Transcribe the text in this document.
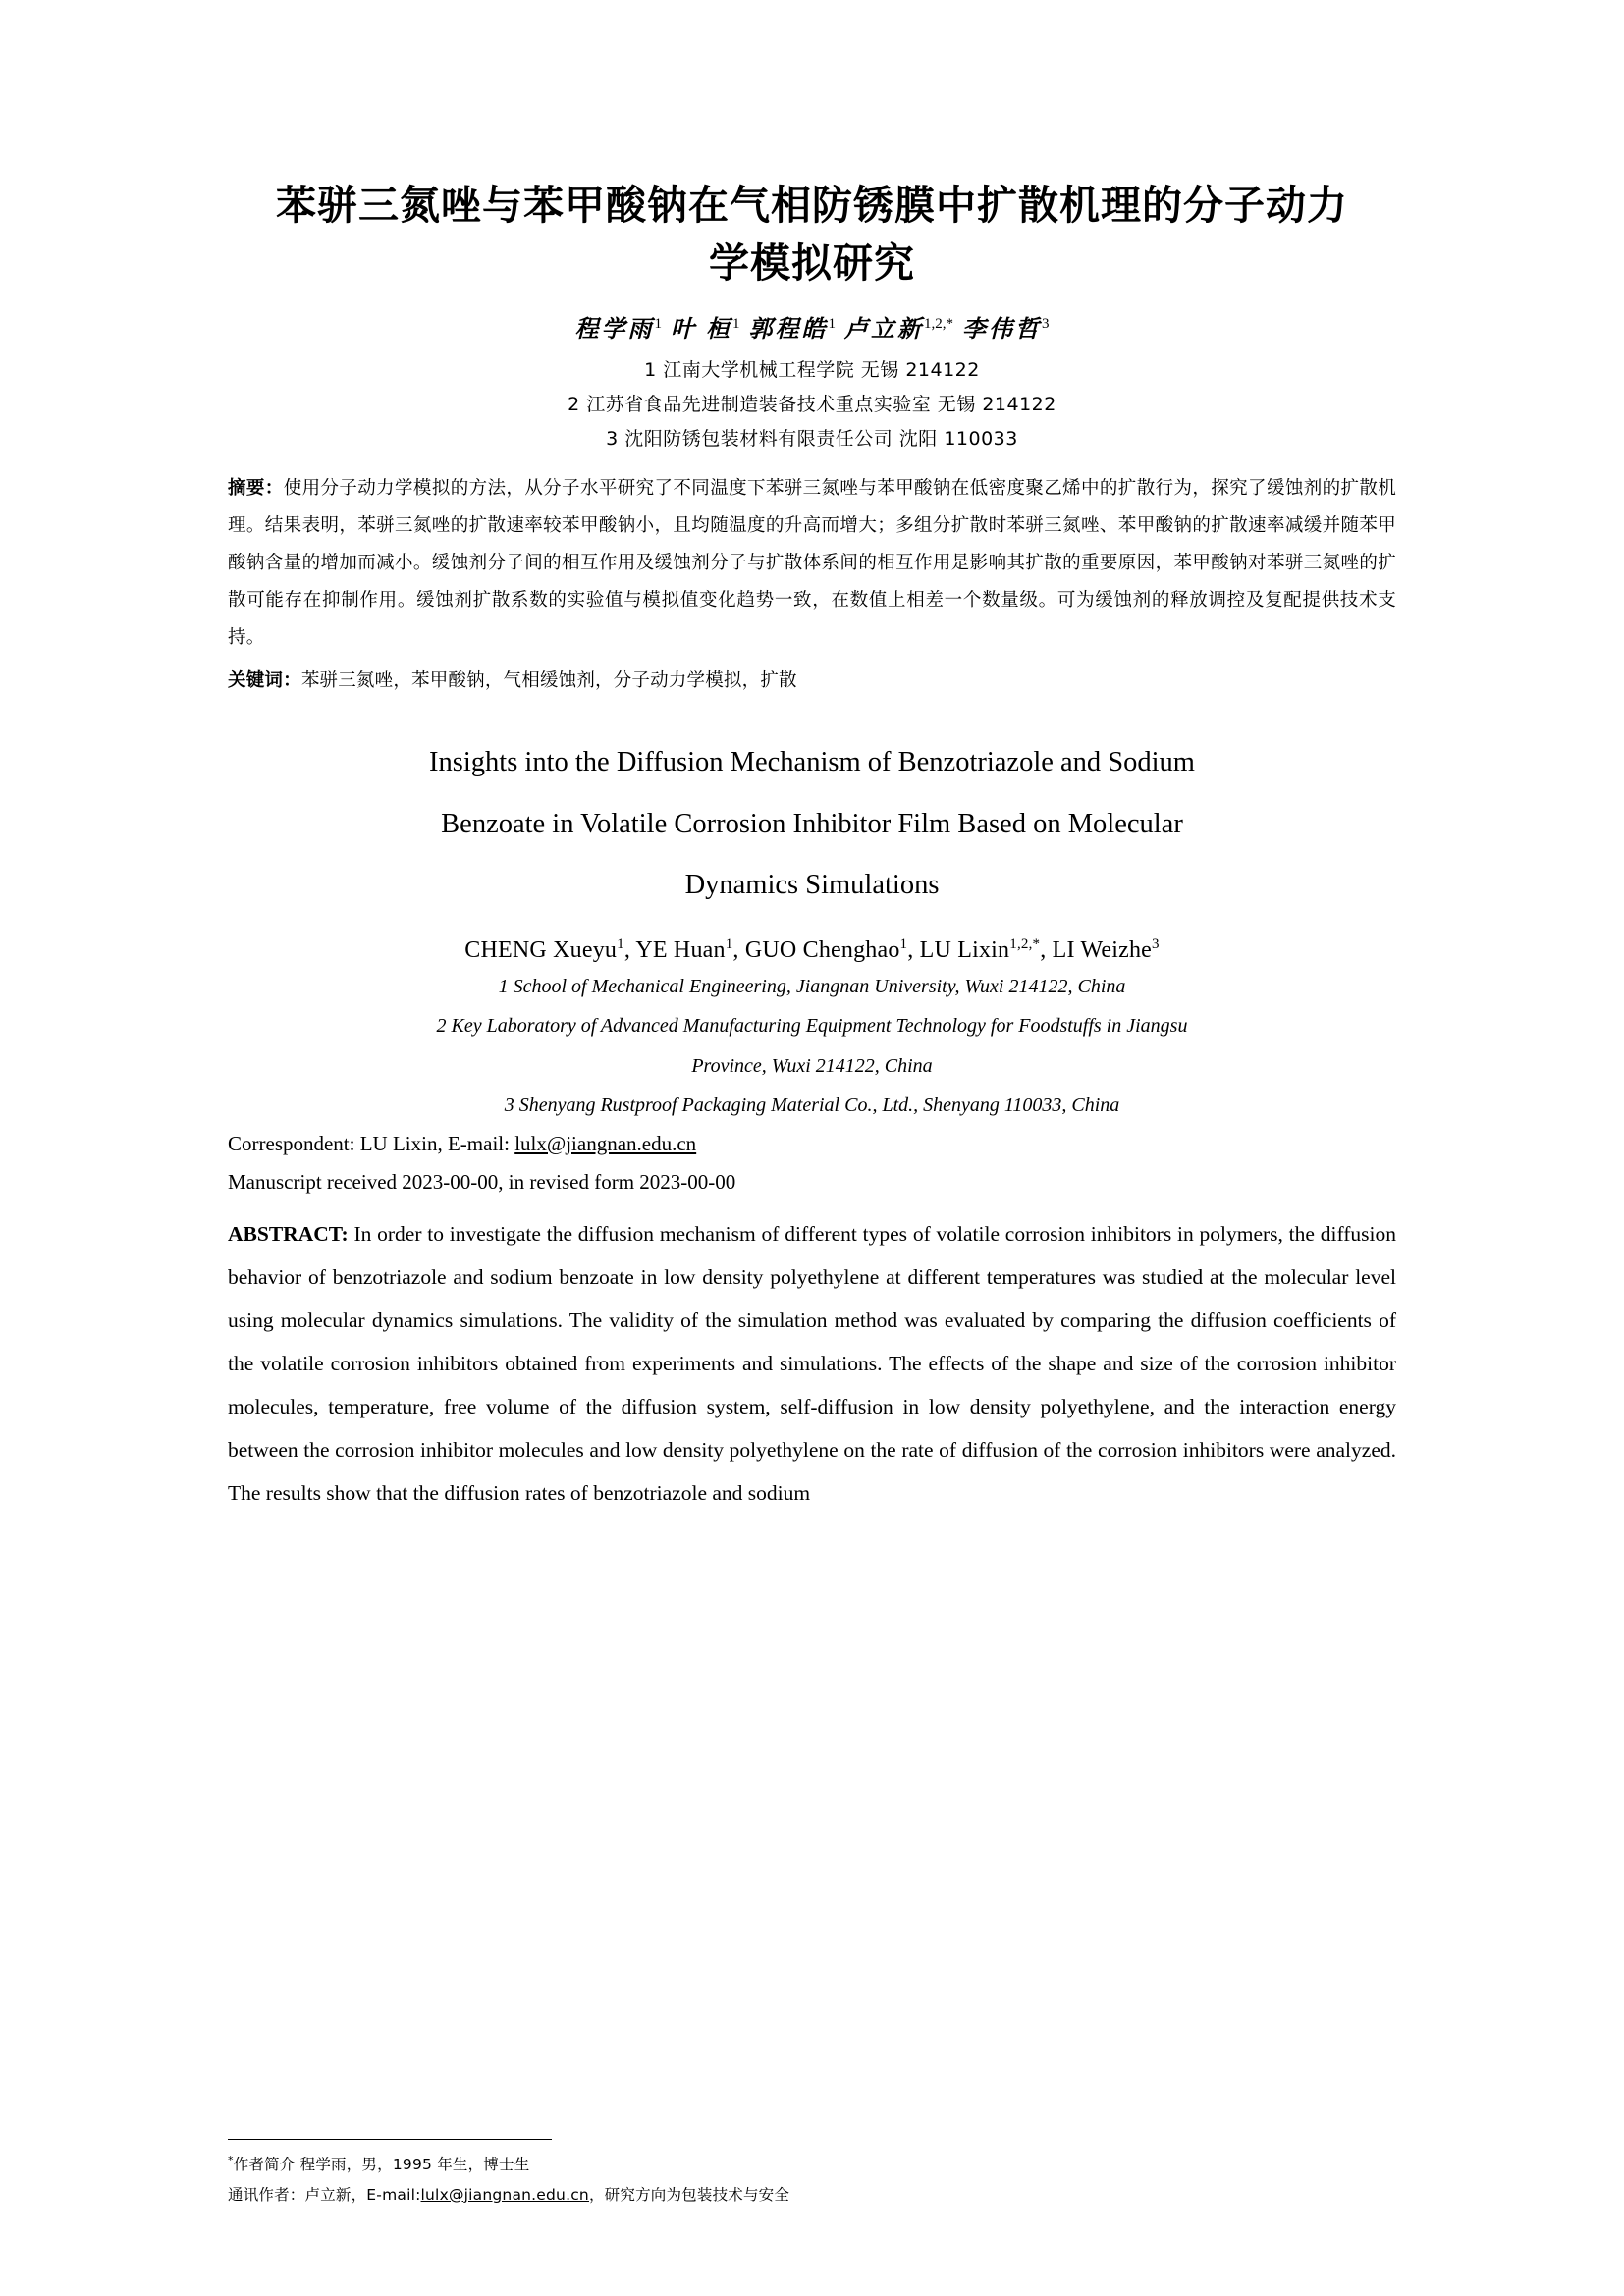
苯骈三氮唑与苯甲酸钠在气相防锈膜中扩散机理的分子动力学模拟研究
程学雨$^1$ 叶 桓$^1$ 郭程皓$^1$ 卢立新$^{1,2,*}$ 李伟哲$^3$
1 江南大学机械工程学院 无锡 214122
2 江苏省食品先进制造装备技术重点实验室 无锡 214122
3 沈阳防锈包装材料有限责任公司 沈阳 110033
摘要：使用分子动力学模拟的方法，从分子水平研究了不同温度下苯骈三氮唑与苯甲酸钠在低密度聚乙烯中的扩散行为，探究了缓蚀剂的扩散机理。结果表明，苯骈三氮唑的扩散速率较苯甲酸钠小，且均随温度的升高而增大；多组分扩散时苯骈三氮唑、苯甲酸钠的扩散速率减缓并随苯甲酸钠含量的增加而减小。缓蚀剂分子间的相互作用及缓蚀剂分子与扩散体系间的相互作用是影响其扩散的重要原因，苯甲酸钠对苯骈三氮唑的扩散可能存在抑制作用。缓蚀剂扩散系数的实验值与模拟值变化趋势一致，在数值上相差一个数量级。可为缓蚀剂的释放调控及复配提供技术支持。
关键词：苯骈三氮唑，苯甲酸钠，气相缓蚀剂，分子动力学模拟，扩散
Insights into the Diffusion Mechanism of Benzotriazole and Sodium
Benzoate in Volatile Corrosion Inhibitor Film Based on Molecular
Dynamics Simulations
CHENG Xueyu$^1$, YE Huan$^1$, GUO Chenghao$^1$, LU Lixin$^{1,2,*}$, LI Weizhe$^3$
1 School of Mechanical Engineering, Jiangnan University, Wuxi 214122, China
2 Key Laboratory of Advanced Manufacturing Equipment Technology for Foodstuffs in Jiangsu
Province, Wuxi 214122, China
3 Shenyang Rustproof Packaging Material Co., Ltd., Shenyang 110033, China
Correspondent: LU Lixin, E-mail: lulx@jiangnan.edu.cn
Manuscript received 2023-00-00, in revised form 2023-00-00
ABSTRACT: In order to investigate the diffusion mechanism of different types of volatile corrosion inhibitors in polymers, the diffusion behavior of benzotriazole and sodium benzoate in low density polyethylene at different temperatures was studied at the molecular level using molecular dynamics simulations. The validity of the simulation method was evaluated by comparing the diffusion coefficients of the volatile corrosion inhibitors obtained from experiments and simulations. The effects of the shape and size of the corrosion inhibitor molecules, temperature, free volume of the diffusion system, self-diffusion in low density polyethylene, and the interaction energy between the corrosion inhibitor molecules and low density polyethylene on the rate of diffusion of the corrosion inhibitors were analyzed. The results show that the diffusion rates of benzotriazole and sodium
*作者简介 程学雨，男，1995 年生，博士生
通讯作者：卢立新，E-mail:lulx@jiangnan.edu.cn，研究方向为包装技术与安全
